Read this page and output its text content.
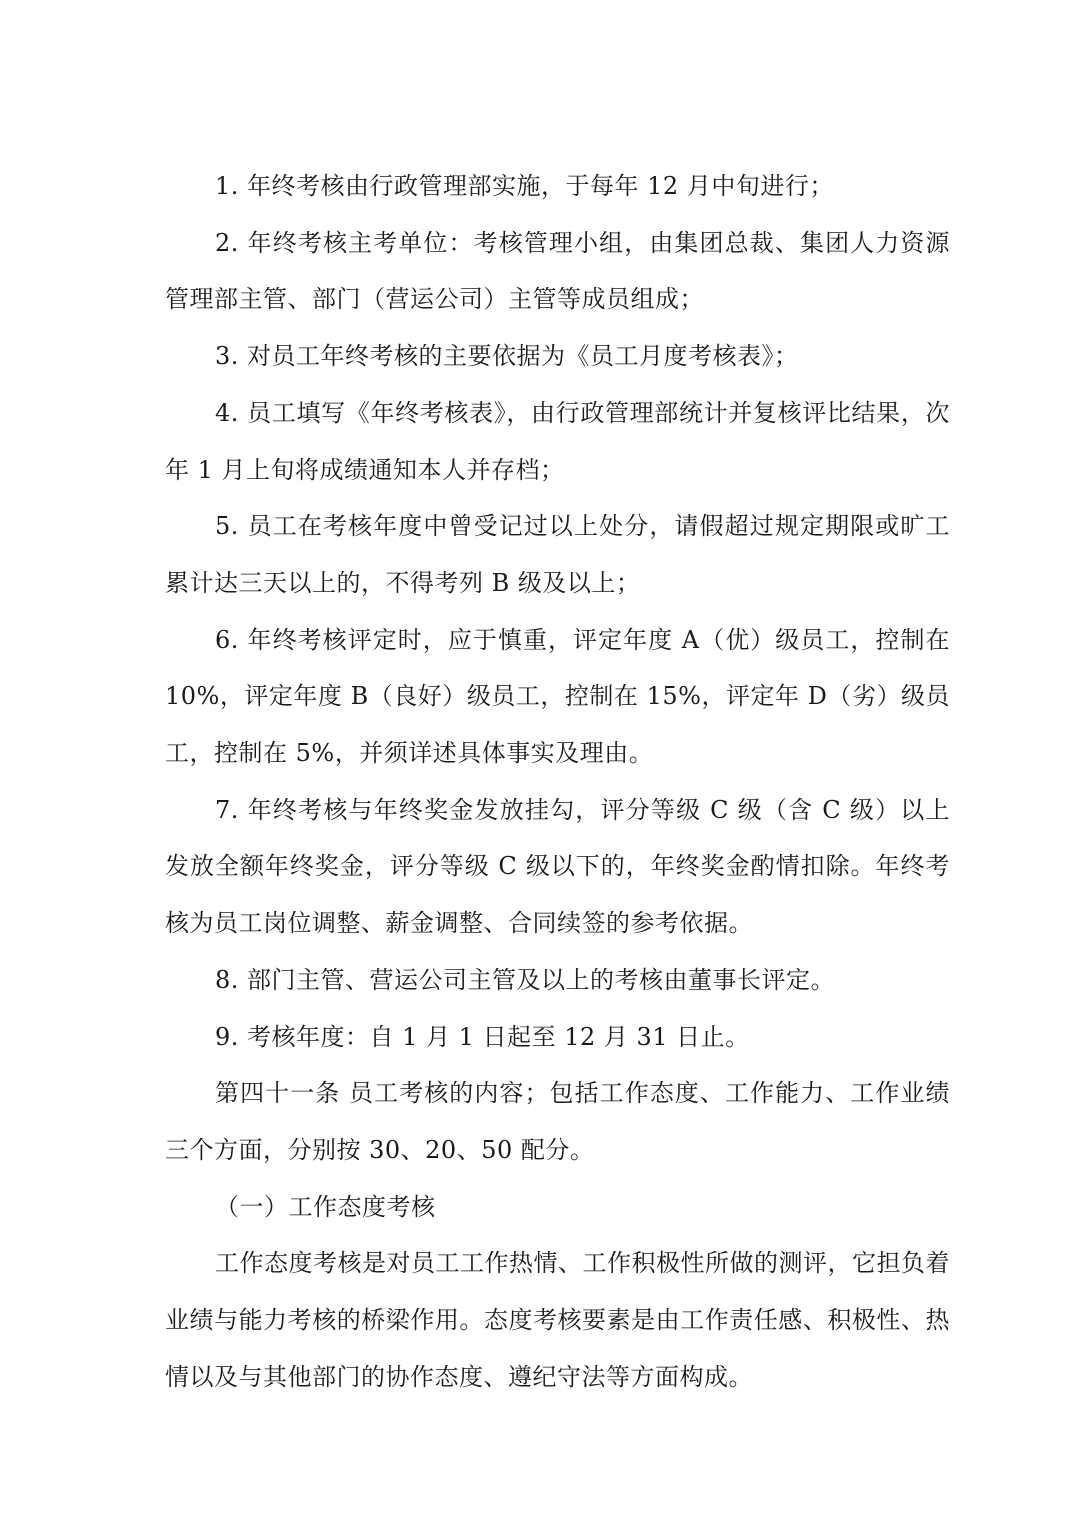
1. 年终考核由行政管理部实施，于每年 12 月中旬进行；

2. 年终考核主考单位：考核管理小组，由集团总裁、集团人力资源管理部主管、部门（营运公司）主管等成员组成；

3. 对员工年终考核的主要依据为《员工月度考核表》；

4. 员工填写《年终考核表》，由行政管理部统计并复核评比结果，次年 1 月上旬将成绩通知本人并存档；

5. 员工在考核年度中曾受记过以上处分，请假超过规定期限或旷工累计达三天以上的，不得考列 B 级及以上；

6. 年终考核评定时，应于慎重，评定年度 A（优）级员工，控制在 10%，评定年度 B（良好）级员工，控制在 15%，评定年 D（劣）级员工，控制在 5%，并须详述具体事实及理由。

7. 年终考核与年终奖金发放挂勾，评分等级 C 级（含 C 级）以上发放全额年终奖金，评分等级 C 级以下的，年终奖金酌情扣除。年终考核为员工岗位调整、薪金调整、合同续签的参考依据。

8. 部门主管、营运公司主管及以上的考核由董事长评定。

9. 考核年度：自 1 月 1 日起至 12 月 31 日止。

第四十一条 员工考核的内容；包括工作态度、工作能力、工作业绩三个方面，分别按 30、20、50 配分。

（一）工作态度考核

工作态度考核是对员工工作热情、工作积极性所做的测评，它担负着业绩与能力考核的桥梁作用。态度考核要素是由工作责任感、积极性、热情以及与其他部门的协作态度、遵纪守法等方面构成。
